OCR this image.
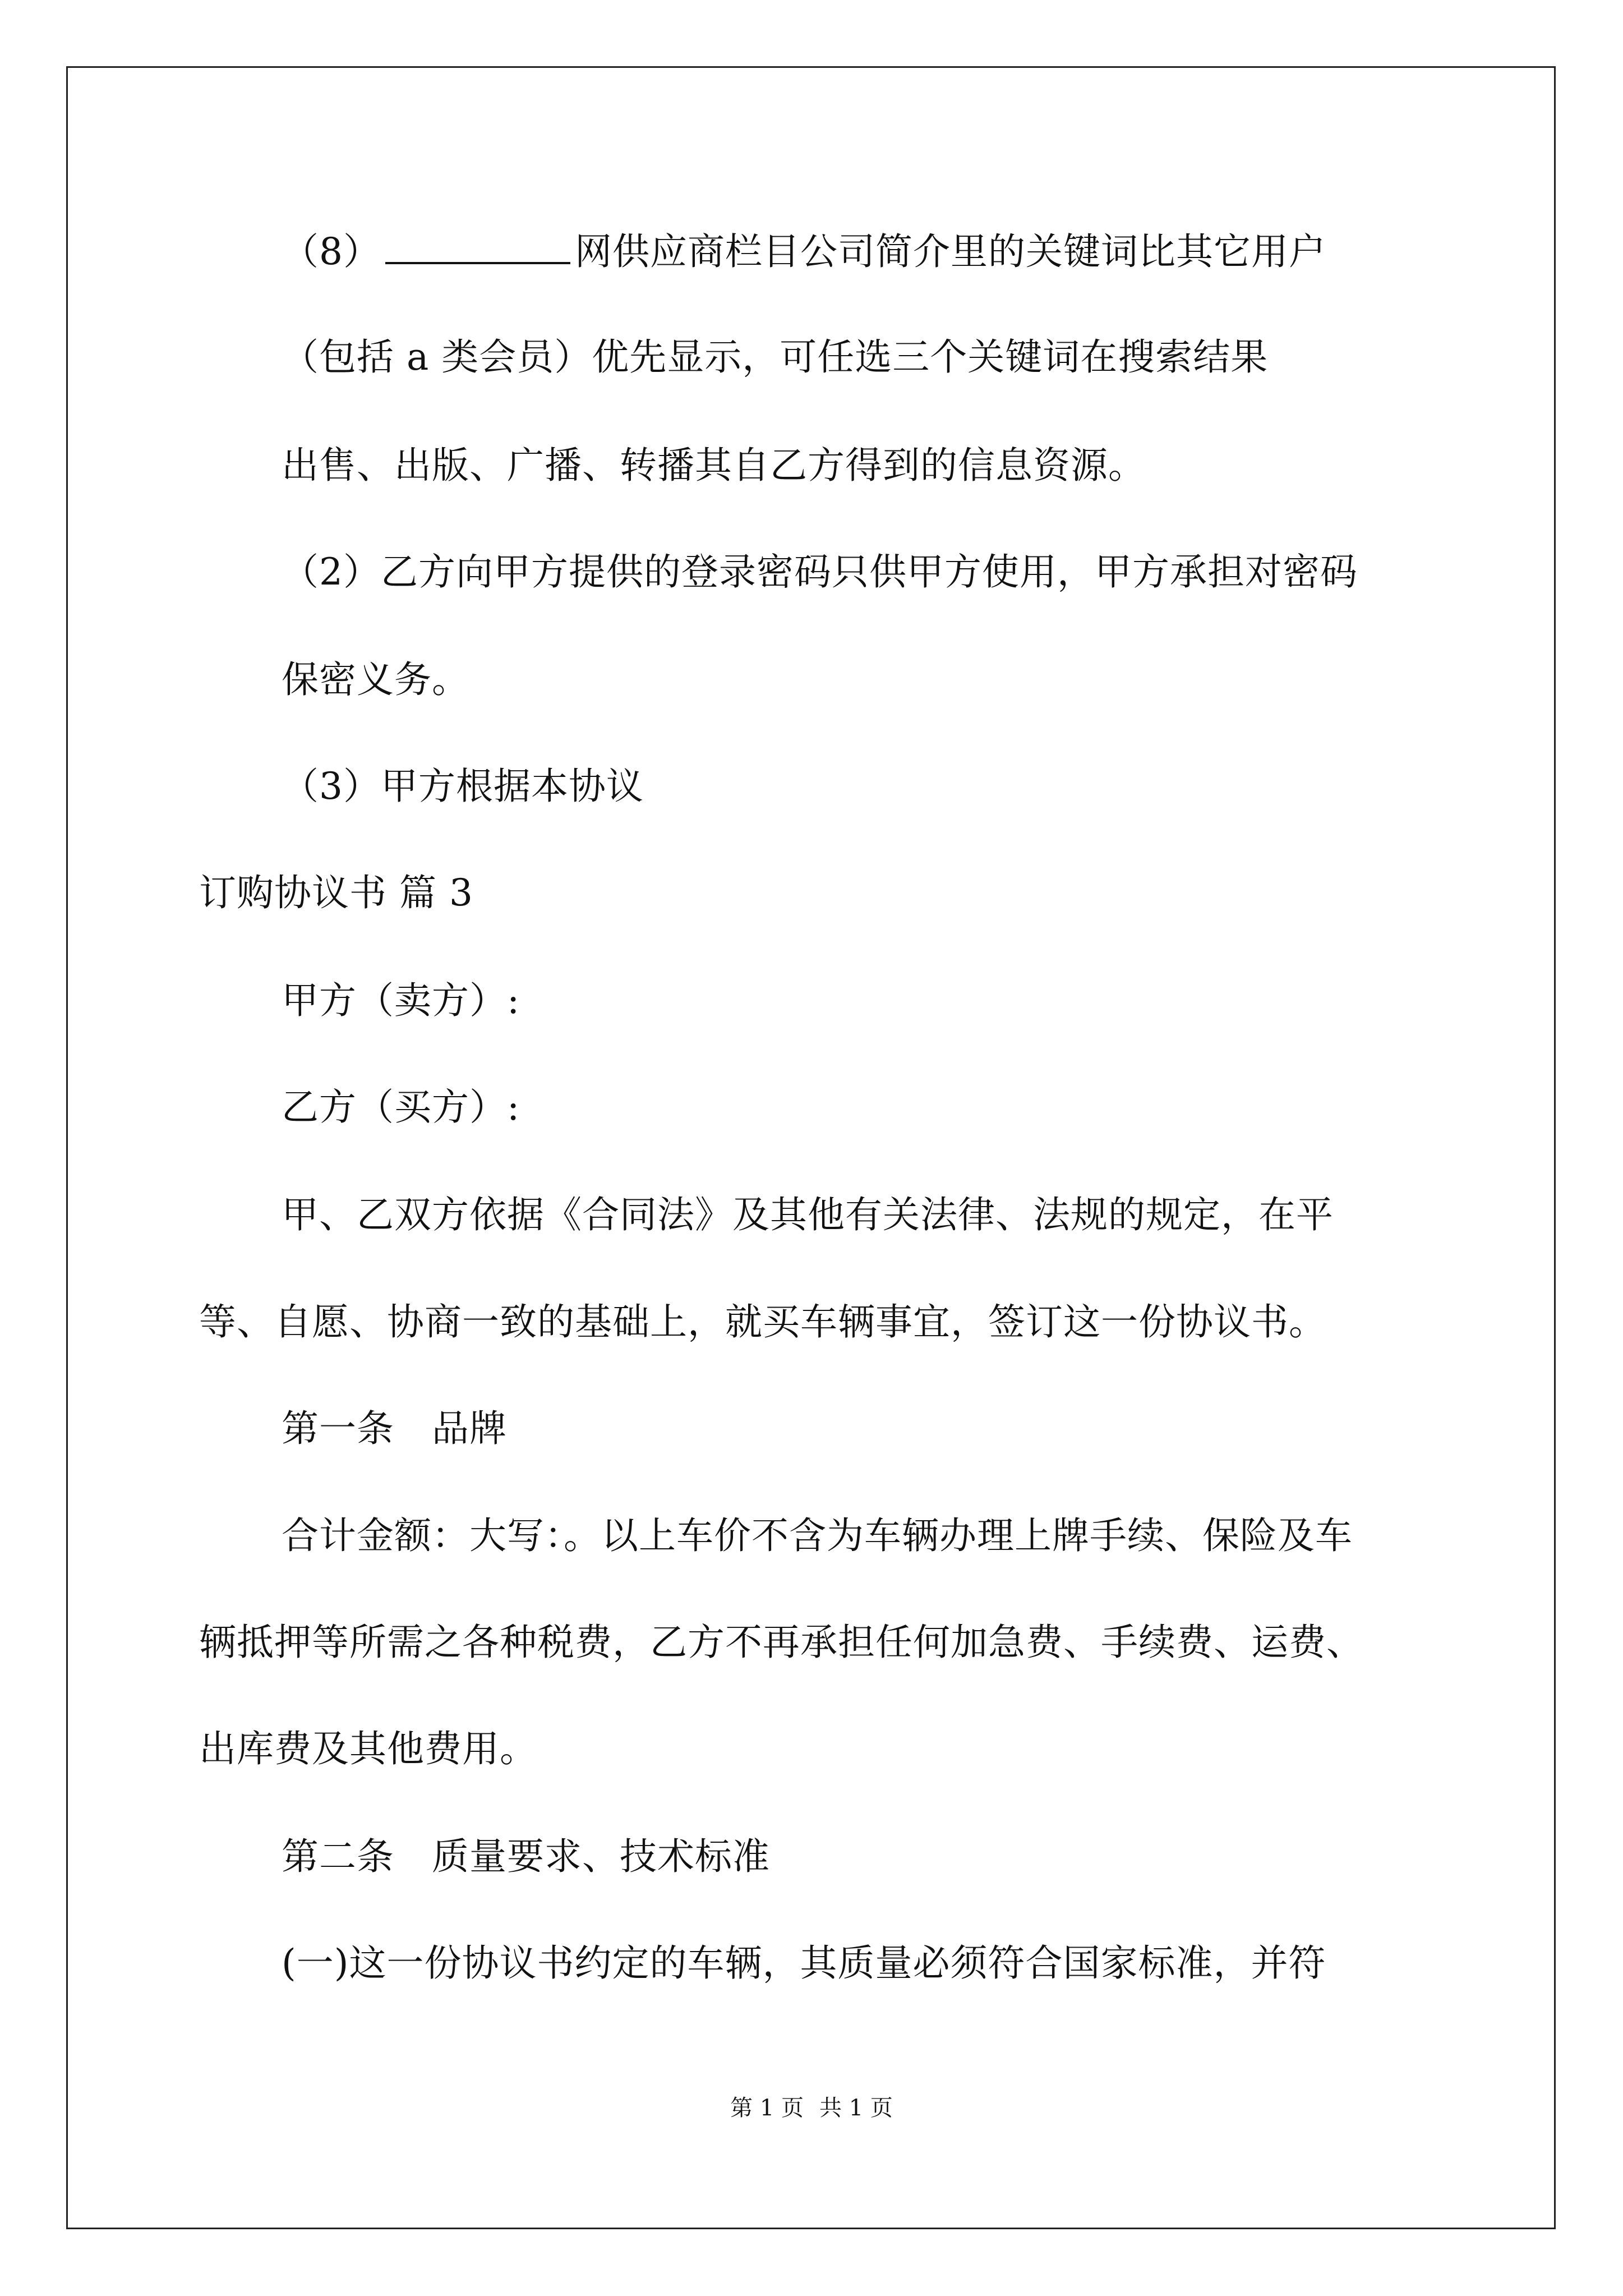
（8）	网供应商栏目公司简介里的关键词比其它用户
（包括 a 类会员）优先显示，可任选三个关键词在搜索结果
出售、出版、广播、转播其自乙方得到的信息资源。
（2）乙方向甲方提供的登录密码只供甲方使用，甲方承担对密码
保密义务。
（3）甲方根据本协议
订购协议书 篇 3
甲方（卖方）:
乙方（买方）:
甲、乙双方依据《合同法》及其他有关法律、法规的规定，在平
等、自愿、协商一致的基础上，就买车辆事宜，签订这一份协议书。
第一条　品牌
合计金额：大写：。以上车价不含为车辆办理上牌手续、保险及车
辆抵押等所需之各种税费，乙方不再承担任何加急费、手续费、运费、
出库费及其他费用。
第二条　质量要求、技术标准
(一)这一份协议书约定的车辆，其质量必须符合国家标准，并符
第 1 页 共 1 页
